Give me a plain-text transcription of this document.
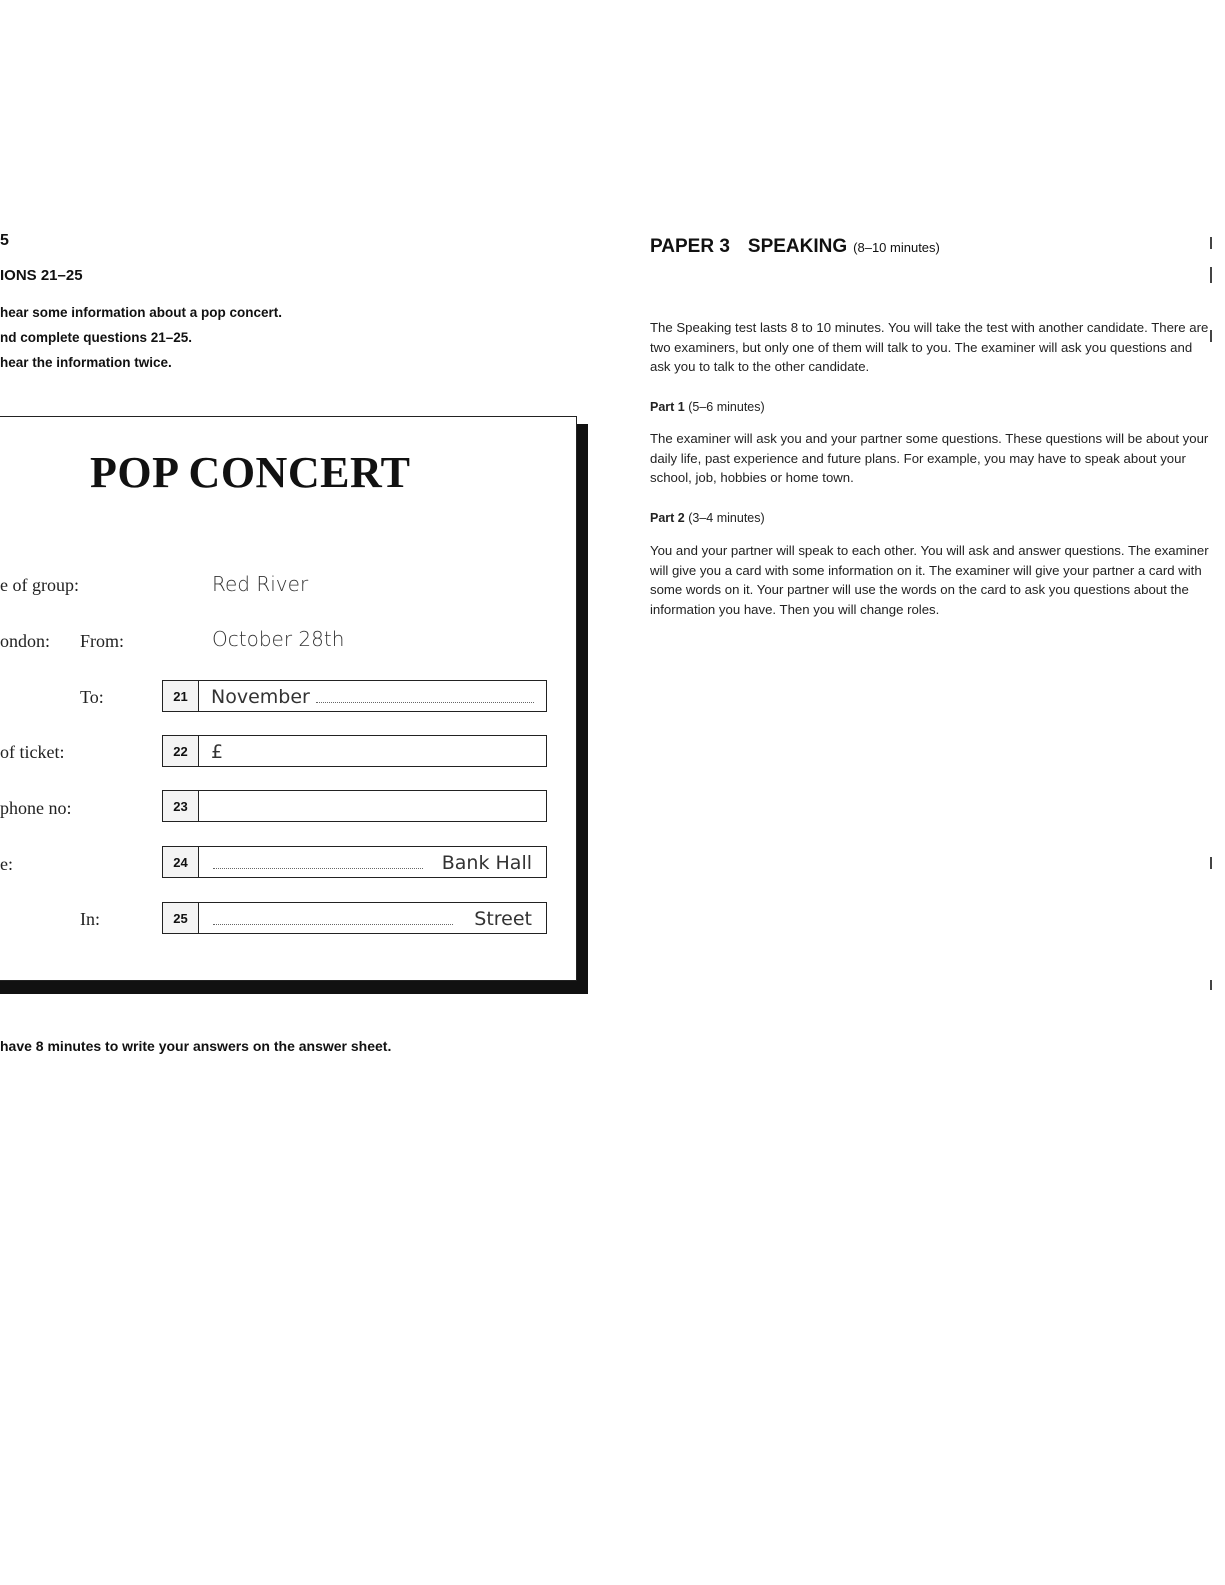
5
IONS 21–25
hear some information about a pop concert.
nd complete questions 21–25.
hear the information twice.
POP CONCERT
e of group:	Red River
ondon: From:	October 28th
To:	21	November
of ticket:	22	£
phone no:	23
e:	24	Bank Hall
In:	25	Street
have 8 minutes to write your answers on the answer sheet.
PAPER 3 SPEAKING (8–10 minutes)
The Speaking test lasts 8 to 10 minutes. You will take the test with another candidate. There are two examiners, but only one of them will talk to you. The examiner will ask you questions and ask you to talk to the other candidate.
Part 1 (5–6 minutes)
The examiner will ask you and your partner some questions. These questions will be about your daily life, past experience and future plans. For example, you may have to speak about your school, job, hobbies or home town.
Part 2 (3–4 minutes)
You and your partner will speak to each other. You will ask and answer questions. The examiner will give you a card with some information on it. The examiner will give your partner a card with some words on it. Your partner will use the words on the card to ask you questions about the information you have. Then you will change roles.
